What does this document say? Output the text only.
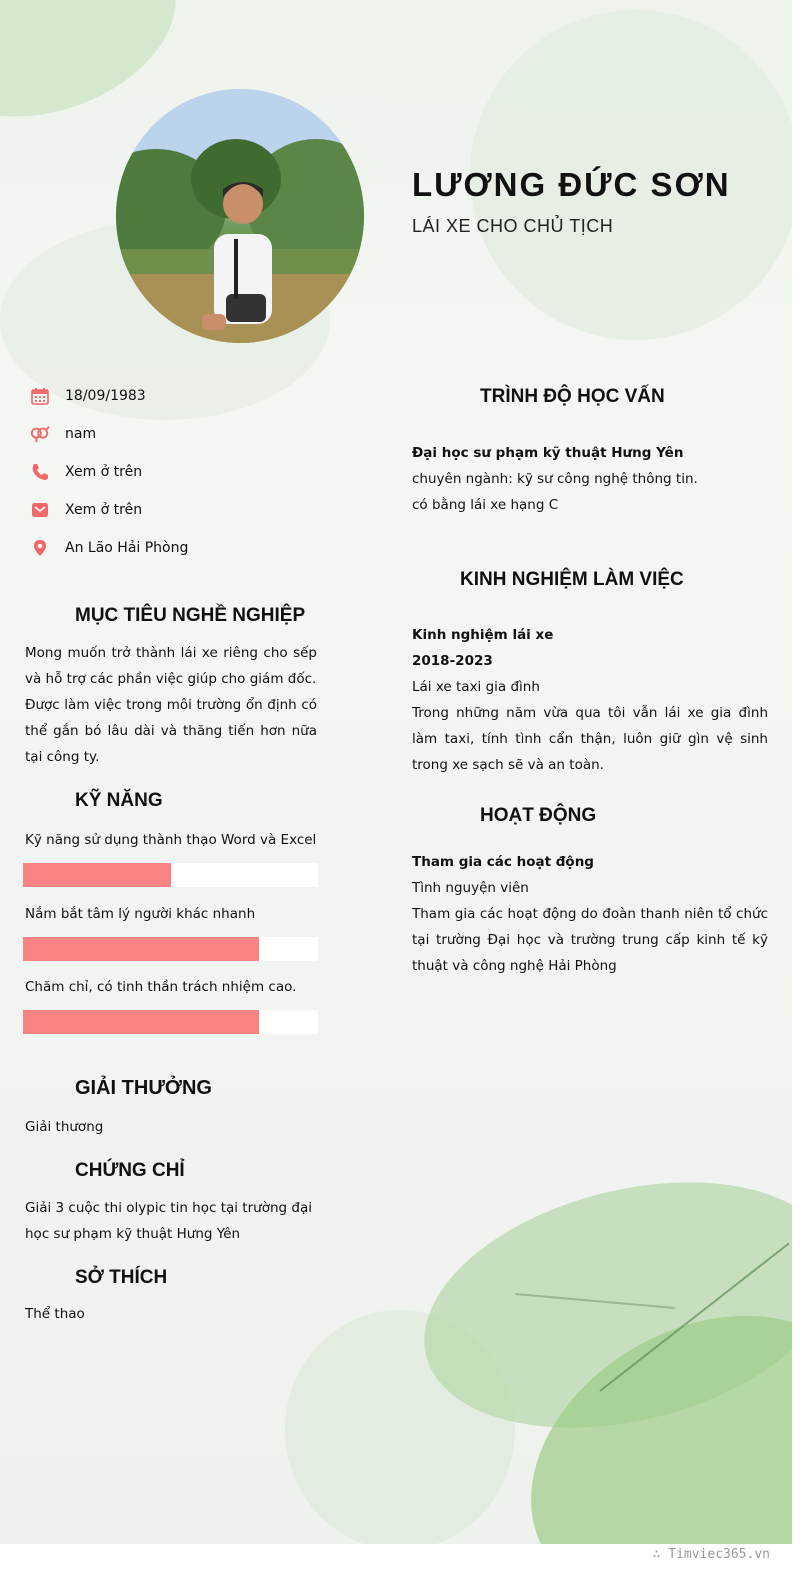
LƯƠNG ĐỨC SƠN
LÁI XE CHO CHỦ TỊCH
18/09/1983
nam
Xem ở trên
Xem ở trên
An Lão Hải Phòng
MỤC TIÊU NGHỀ NGHIỆP

Mong muốn trở thành lái xe riêng cho sếp và hỗ trợ các phần việc giúp cho giám đốc.

Được làm việc trong môi trường ổn định có thể gắn bó lâu dài và thăng tiến hơn nữa tại công ty.

KỸ NĂNG
Kỹ năng sử dụng thành thạo Word và Excel
Nắm bắt tâm lý người khác nhanh
Chăm chỉ, có tinh thần trách nhiệm cao.
GIẢI THƯỞNG
Giải thương
CHỨNG CHỈ
Giải 3 cuộc thi olypic tin học tại trường đại học sư phạm kỹ thuật Hưng Yên
SỞ THÍCH
Thể thao
TRÌNH ĐỘ HỌC VẤN

Đại học sư phạm kỹ thuật Hưng Yên

chuyên ngành: kỹ sư công nghệ thông tin.

có bằng lái xe hạng C

KINH NGHIỆM LÀM VIỆC

Kinh nghiệm lái xe

2018-2023

Lái xe taxi gia đình

Trong những năm vừa qua tôi vẫn lái xe gia đình làm taxi, tính tình cẩn thận, luôn giữ gìn vệ sinh trong xe sạch sẽ và an toàn.

HOẠT ĐỘNG

Tham gia các hoạt động

Tình nguyện viên

Tham gia các hoạt động do đoàn thanh niên tổ chức tại trường Đại học và trường trung cấp kinh tế kỹ thuật và công nghệ Hải Phòng

∴ Timviec365.vn
